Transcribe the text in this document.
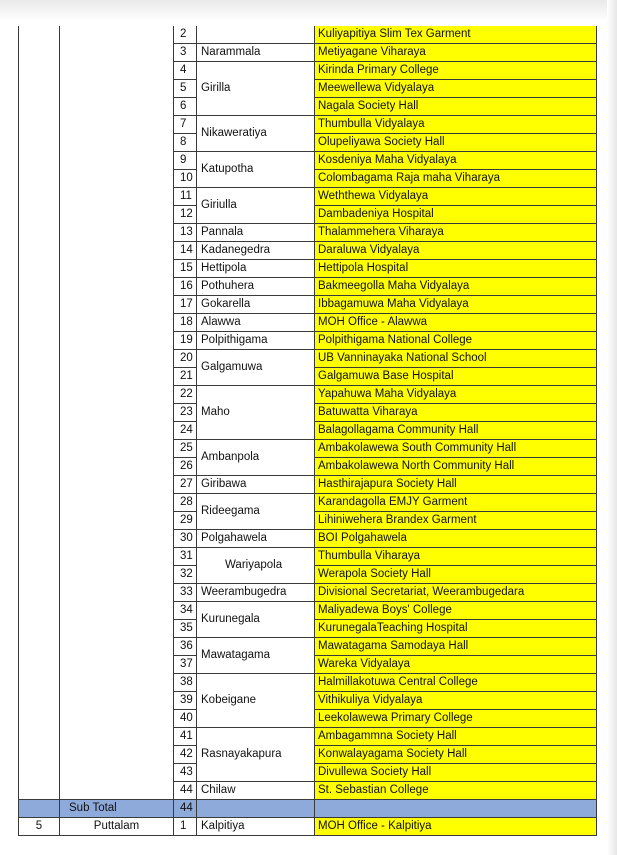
		2		Kuliyapitiya Slim Tex Garment
		3	Narammala	Metiyagane Viharaya
		4	Girilla	Kirinda Primary College
		5		Meewellewa Vidyalaya
		6		Nagala Society Hall
		7	Nikaweratiya	Thumbulla Vidyalaya
		8		Olupeliyawa Society Hall
		9	Katupotha	Kosdeniya Maha Vidyalaya
		10		Colombagama Raja maha Viharaya
		11	Giriulla	Weththewa Vidyalaya
		12		Dambadeniya Hospital
		13	Pannala	Thalammehera Viharaya
		14	Kadanegedra	Daraluwa Vidyalaya
		15	Hettipola	Hettipola Hospital
		16	Pothuhera	Bakmeegolla Maha Vidyalaya
		17	Gokarella	Ibbagamuwa Maha Vidyalaya
		18	Alawwa	MOH Office - Alawwa
		19	Polpithigama	Polpithigama National College
		20	Galgamuwa	UB Vanninayaka National School
		21		Galgamuwa Base Hospital
		22	Maho	Yapahuwa Maha Vidyalaya
		23		Batuwatta Viharaya
		24		Balagollagama Community Hall
		25	Ambanpola	Ambakolawewa South Community Hall
		26		Ambakolawewa North Community Hall
		27	Giribawa	Hasthirajapura Society Hall
		28	Rideegama	Karandagolla EMJY Garment
		29		Lihiniwehera Brandex Garment
		30	Polgahawela	BOI Polgahawela
		31	Wariyapola	Thumbulla Viharaya
		32		Werapola Society Hall
		33	Weerambugedra	Divisional Secretariat, Weerambugedara
		34	Kurunegala	Maliyadewa Boys' College
		35		KurunegalaTeaching Hospital
		36	Mawatagama	Mawatagama Samodaya Hall
		37		Wareka Vidyalaya
		38	Kobeigane	Halmillakotuwa Central College
		39		Vithikuliya Vidyalaya
		40		Leekolawewa Primary College
		41	Rasnayakapura	Ambagammna Society Hall
		42		Konwalayagama Society Hall
		43		Divullewa Society Hall
		44	Chilaw	St. Sebastian College
	Sub Total	44		
5	Puttalam	1	Kalpitiya	MOH Office - Kalpitiya
